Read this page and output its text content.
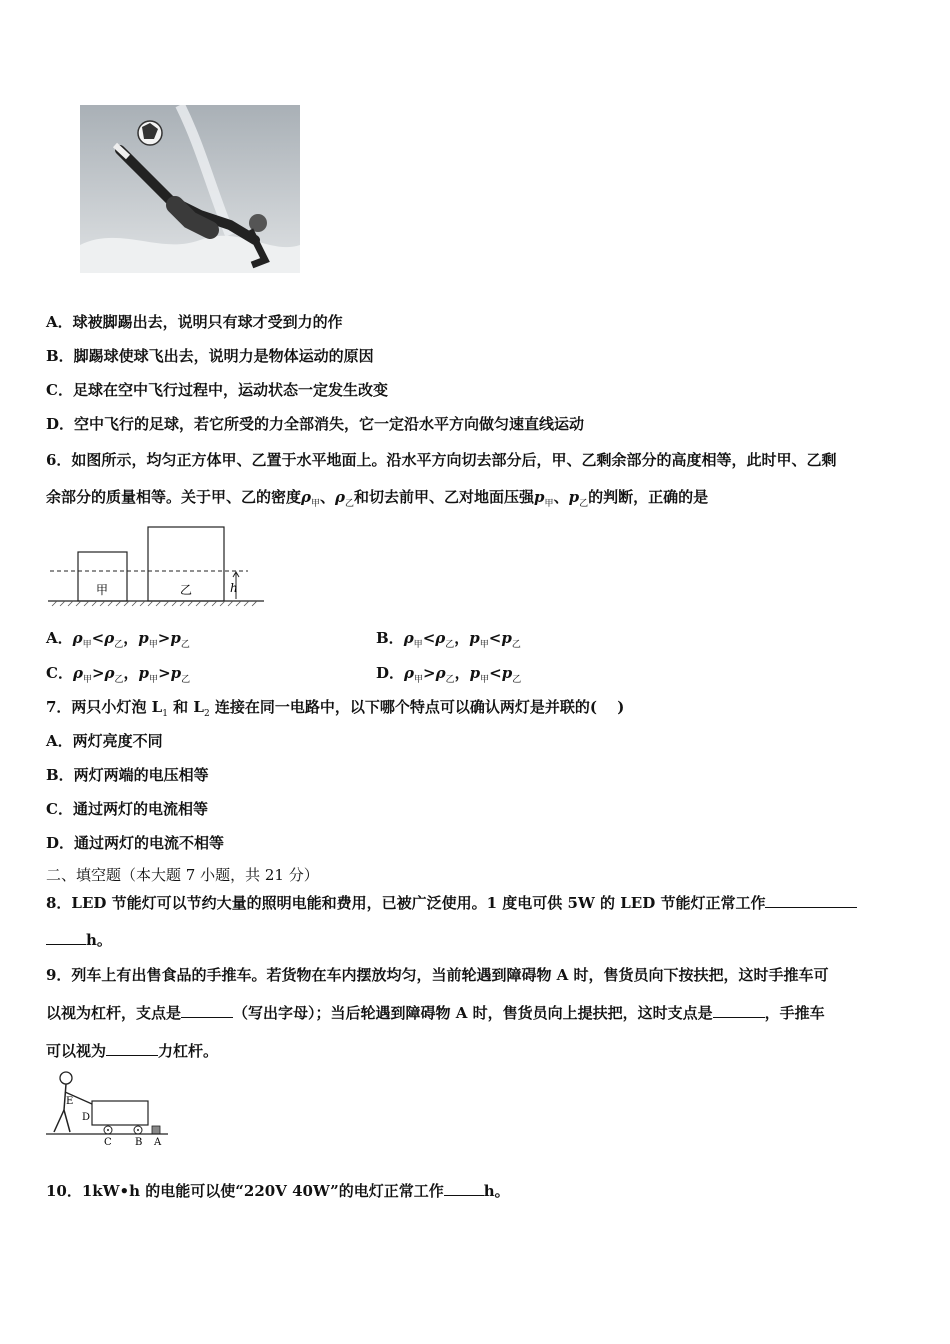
A．球被脚踢出去，说明只有球才受到力的作
B．脚踢球使球飞出去，说明力是物体运动的原因
C．足球在空中飞行过程中，运动状态一定发生改变
D．空中飞行的足球，若它所受的力全部消失，它一定沿水平方向做匀速直线运动
6．如图所示，均匀正方体甲、乙置于水平地面上。沿水平方向切去部分后，甲、乙剩余部分的高度相等，此时甲、乙剩
余部分的质量相等。关于甲、乙的密度$\rho_甲$、$\rho_乙$和切去前甲、乙对地面压强$p_甲$、$p_乙$的判断，正确的是
甲	乙	h
A．$\rho_甲<\rho_乙$，$p_甲>p_乙$	B．$\rho_甲<\rho_乙$，$p_甲<p_乙$
C．$\rho_甲>\rho_乙$，$p_甲>p_乙$	D．$\rho_甲>\rho_乙$，$p_甲<p_乙$
7．两只小灯泡 $L_1$ 和 $L_2$ 连接在同一电路中，以下哪个特点可以确认两灯是并联的(　 )
A．两灯亮度不同
B．两灯两端的电压相等
C．通过两灯的电流相等
D．通过两灯的电流不相等
二、填空题（本大题 7 小题，共 21 分）
8．LED 节能灯可以节约大量的照明电能和费用，已被广泛使用。1 度电可供 5W 的 LED 节能灯正常工作
h。
9．列车上有出售食品的手推车。若货物在车内摆放均匀，当前轮遇到障碍物 A 时，售货员向下按扶把，这时手推车可
以视为杠杆，支点是	（写出字母）；当后轮遇到障碍物 A 时，售货员向上提扶把，这时支点是	，手推车
可以视为	力杠杆。
E
D
C B A
10．1kW•h 的电能可以使“220V 40W”的电灯正常工作	h。
